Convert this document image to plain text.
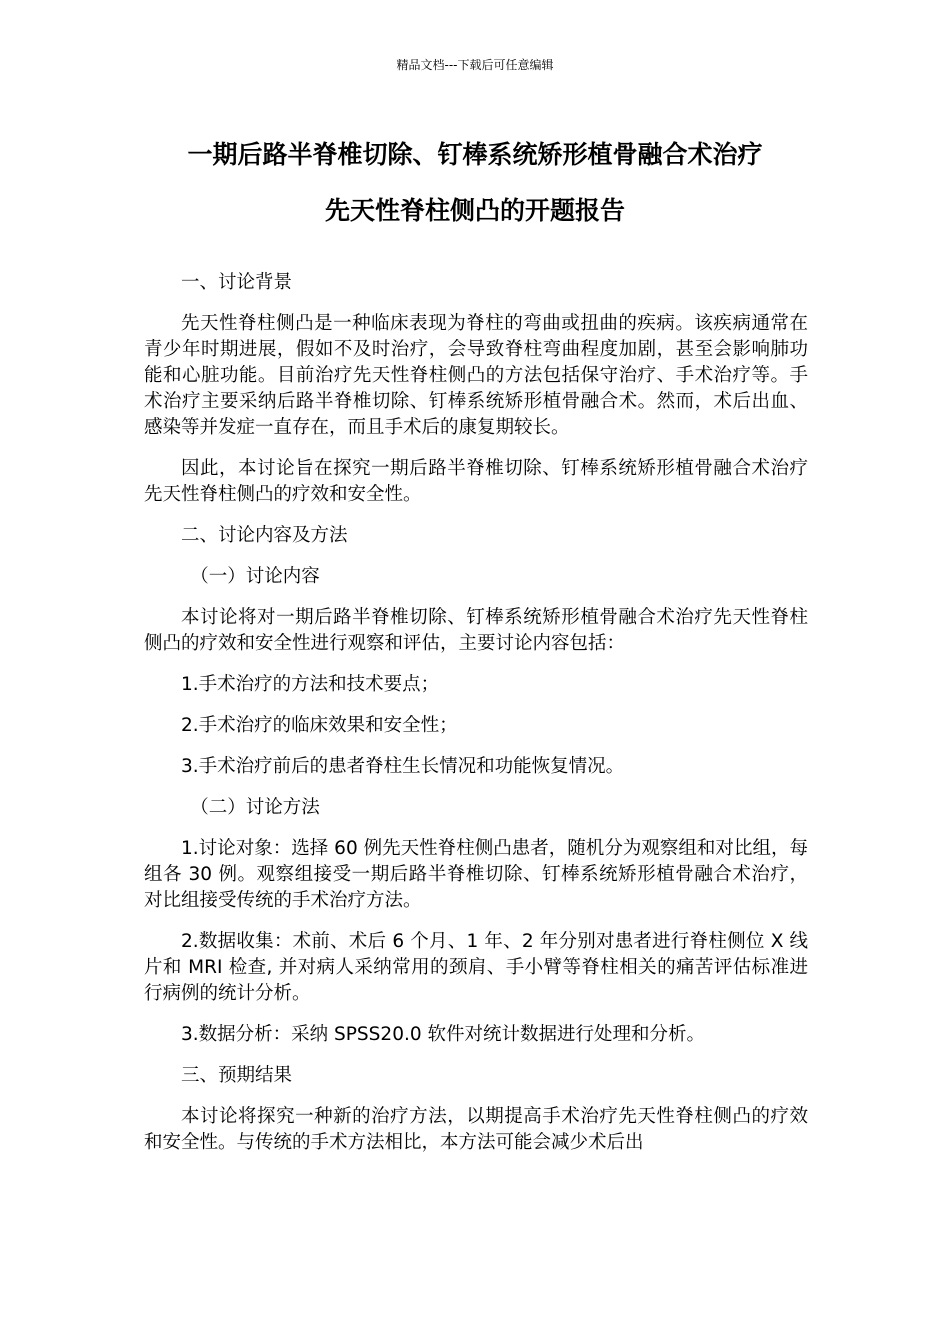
精品文档---下载后可任意编辑
一期后路半脊椎切除、钉棒系统矫形植骨融合术治疗
先天性脊柱侧凸的开题报告

一、讨论背景

先天性脊柱侧凸是一种临床表现为脊柱的弯曲或扭曲的疾病。该疾病通常在青少年时期进展，假如不及时治疗，会导致脊柱弯曲程度加剧，甚至会影响肺功能和心脏功能。目前治疗先天性脊柱侧凸的方法包括保守治疗、手术治疗等。手术治疗主要采纳后路半脊椎切除、钉棒系统矫形植骨融合术。然而，术后出血、感染等并发症一直存在，而且手术后的康复期较长。

因此，本讨论旨在探究一期后路半脊椎切除、钉棒系统矫形植骨融合术治疗先天性脊柱侧凸的疗效和安全性。

二、讨论内容及方法

（一）讨论内容

本讨论将对一期后路半脊椎切除、钉棒系统矫形植骨融合术治疗先天性脊柱侧凸的疗效和安全性进行观察和评估，主要讨论内容包括：

1.手术治疗的方法和技术要点；

2.手术治疗的临床效果和安全性；

3.手术治疗前后的患者脊柱生长情况和功能恢复情况。

（二）讨论方法

1.讨论对象：选择 60 例先天性脊柱侧凸患者，随机分为观察组和对比组，每组各 30 例。观察组接受一期后路半脊椎切除、钉棒系统矫形植骨融合术治疗，对比组接受传统的手术治疗方法。

2.数据收集：术前、术后 6 个月、1 年、2 年分别对患者进行脊柱侧位 X 线片和 MRI 检查, 并对病人采纳常用的颈肩、手小臂等脊柱相关的痛苦评估标准进行病例的统计分析。

3.数据分析：采纳 SPSS20.0 软件对统计数据进行处理和分析。

三、预期结果

本讨论将探究一种新的治疗方法，以期提高手术治疗先天性脊柱侧凸的疗效和安全性。与传统的手术方法相比，本方法可能会减少术后出
